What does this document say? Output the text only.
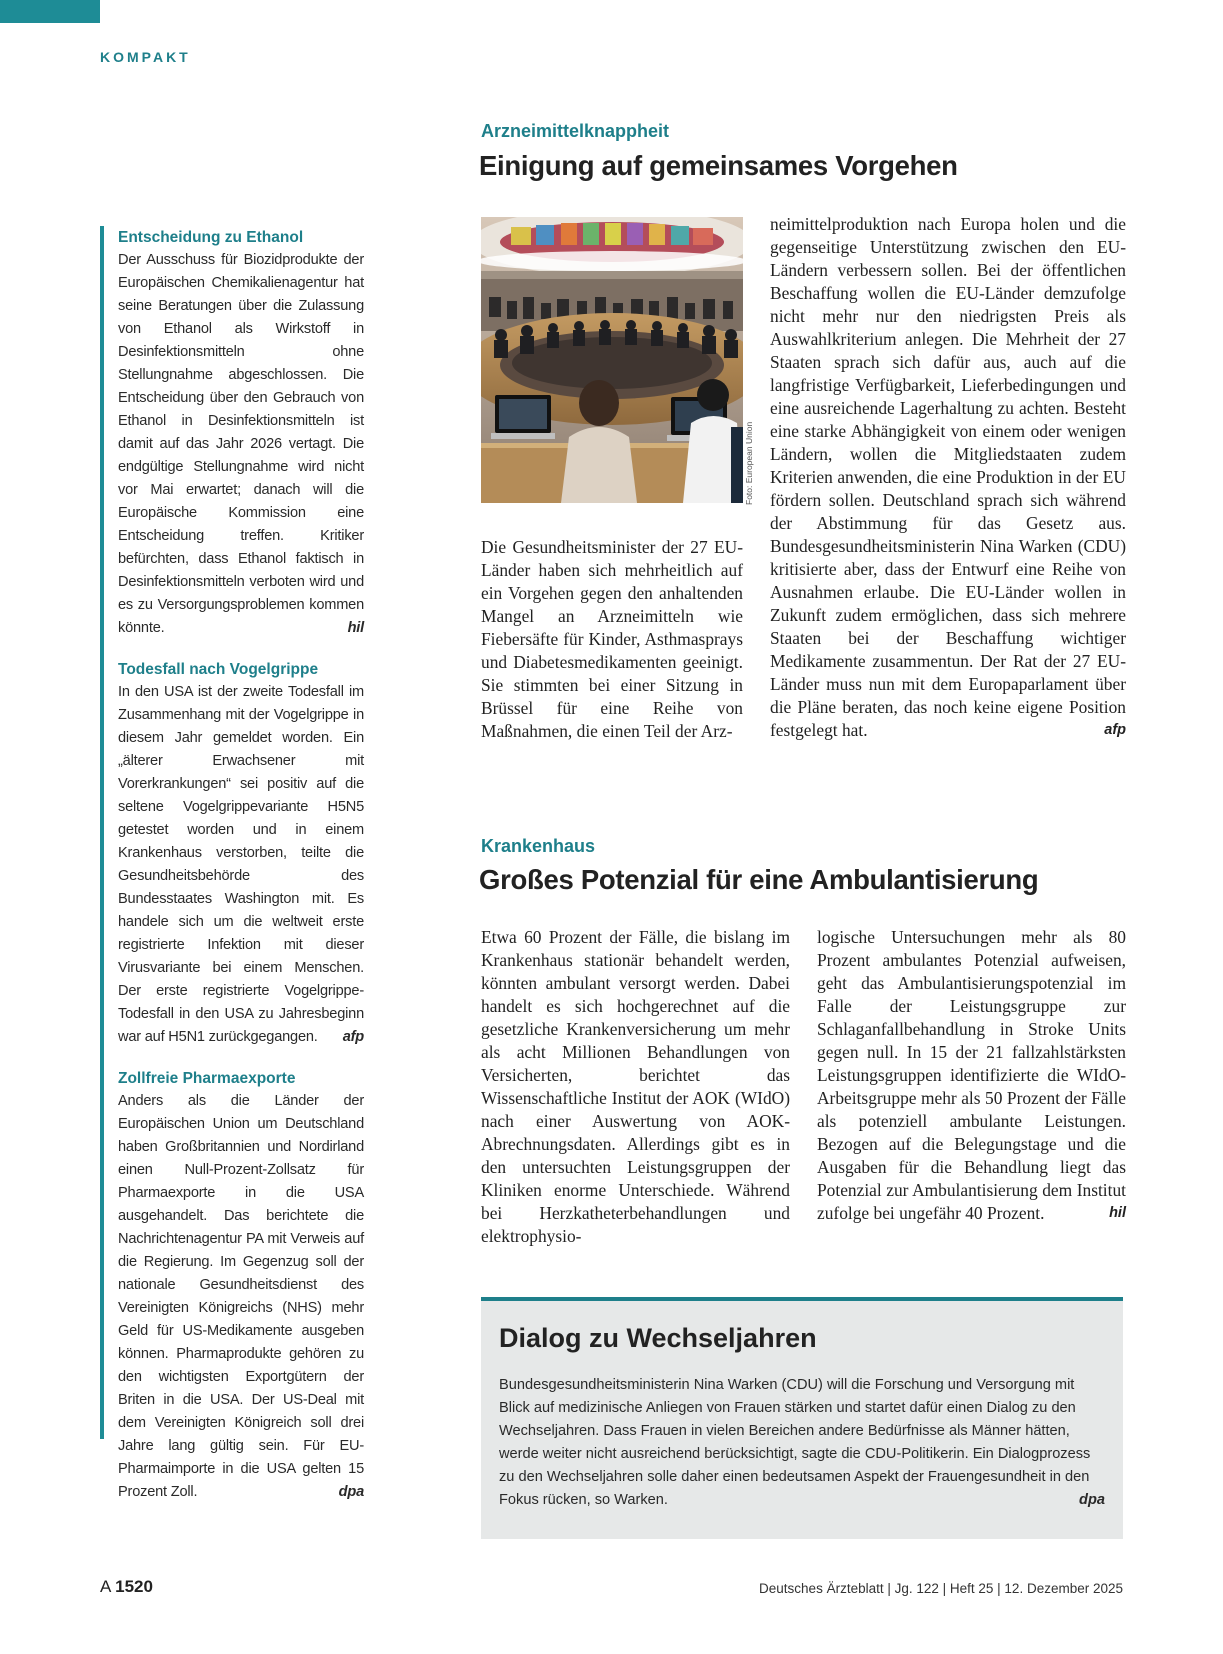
KOMPAKT
Entscheidung zu Ethanol

Der Ausschuss für Biozidprodukte der Europäischen Chemikalienagentur hat seine Beratungen über die Zulassung von Ethanol als Wirkstoff in Desinfektionsmitteln ohne Stellungnahme abgeschlossen. Die Entscheidung über den Gebrauch von Ethanol in Desinfektionsmitteln ist damit auf das Jahr 2026 vertagt. Die endgültige Stellungnahme wird nicht vor Mai erwartet; danach will die Europäische Kommission eine Entscheidung treffen. Kritiker befürchten, dass Ethanol faktisch in Desinfektionsmitteln verboten wird und es zu Versorgungsproblemen kommen könnte.	hil

Todesfall nach Vogelgrippe

In den USA ist der zweite Todesfall im Zusammenhang mit der Vogelgrippe in diesem Jahr gemeldet worden. Ein „älterer Erwachsener mit Vorerkrankungen“ sei positiv auf die seltene Vogelgrippevariante H5N5 getestet worden und in einem Krankenhaus verstorben, teilte die Gesundheitsbehörde des Bundesstaates Washington mit. Es handele sich um die weltweit erste registrierte Infektion mit dieser Virusvariante bei einem Menschen. Der erste registrierte Vogelgrippe-Todesfall in den USA zu Jahresbeginn war auf H5N1 zurückgegangen. afp

Zollfreie Pharmaexporte

Anders als die Länder der Europäischen Union um Deutschland haben Großbritannien und Nordirland einen Null-Prozent-Zollsatz für Pharmaexporte in die USA ausgehandelt. Das berichtete die Nachrichtenagentur PA mit Verweis auf die Regierung. Im Gegenzug soll der nationale Gesundheitsdienst des Vereinigten Königreichs (NHS) mehr Geld für US-Medikamente ausgeben können. Pharmaprodukte gehören zu den wichtigsten Exportgütern der Briten in die USA. Der US-Deal mit dem Vereinigten Königreich soll drei Jahre lang gültig sein. Für EU-Pharmaimporte in die USA gelten 15 Prozent Zoll.	dpa

Arzneimittelknappheit
Einigung auf gemeinsames Vorgehen
Foto: European Union

Die Gesundheitsminister der 27 EU-Länder haben sich mehrheitlich auf ein Vorgehen gegen den anhaltenden Mangel an Arzneimitteln wie Fiebersäfte für Kinder, Asthmasprays und Diabetesmedikamenten geeinigt. Sie stimmten bei einer Sitzung in Brüssel für eine Reihe von Maßnahmen, die einen Teil der Arz-

neimittelproduktion nach Europa holen und die gegenseitige Unterstützung zwischen den EU-Ländern verbessern sollen. Bei der öffentlichen Beschaffung wollen die EU-Länder demzufolge nicht mehr nur den niedrigsten Preis als Auswahlkriterium anlegen. Die Mehrheit der 27 Staaten sprach sich dafür aus, auch auf die langfristige Verfügbarkeit, Lieferbedingungen und eine ausreichende Lagerhaltung zu achten. Besteht eine starke Abhängigkeit von einem oder wenigen Ländern, wollen die Mitgliedstaaten zudem Kriterien anwenden, die eine Produktion in der EU fördern sollen. Deutschland sprach sich während der Abstimmung für das Gesetz aus. Bundesgesundheitsministerin Nina Warken (CDU) kritisierte aber, dass der Entwurf eine Reihe von Ausnahmen erlaube. Die EU-Länder wollen in Zukunft zudem ermöglichen, dass sich mehrere Staaten bei der Beschaffung wichtiger Medikamente zusammentun. Der Rat der 27 EU-Länder muss nun mit dem Europaparlament über die Pläne beraten, das noch keine eigene Position festgelegt hat.	afp

Krankenhaus
Großes Potenzial für eine Ambulantisierung

Etwa 60 Prozent der Fälle, die bislang im Krankenhaus stationär behandelt werden, könnten ambulant versorgt werden. Dabei handelt es sich hochgerechnet auf die gesetzliche Krankenversicherung um mehr als acht Millionen Behandlungen von Versicherten, berichtet das Wissenschaftliche Institut der AOK (WIdO) nach einer Auswertung von AOK-Abrechnungsdaten. Allerdings gibt es in den untersuchten Leistungsgruppen der Kliniken enorme Unterschiede. Während bei Herzkatheterbehandlungen und elektrophysio-

logische Untersuchungen mehr als 80 Prozent ambulantes Potenzial aufweisen, geht das Ambulantisierungspotenzial im Falle der Leistungsgruppe zur Schlaganfallbehandlung in Stroke Units gegen null. In 15 der 21 fallzahlstärksten Leistungsgruppen identifizierte die WIdO-Arbeitsgruppe mehr als 50 Prozent der Fälle als potenziell ambulante Leistungen. Bezogen auf die Belegungstage und die Ausgaben für die Behandlung liegt das Potenzial zur Ambulantisierung dem Institut zufolge bei ungefähr 40 Prozent.	hil

Dialog zu Wechseljahren

Bundesgesundheitsministerin Nina Warken (CDU) will die Forschung und Versorgung mit Blick auf medizinische Anliegen von Frauen stärken und startet dafür einen Dialog zu den Wechseljahren. Dass Frauen in vielen Bereichen andere Bedürfnisse als Männer hätten, werde weiter nicht ausreichend berücksichtigt, sagte die CDU-Politikerin. Ein Dialogprozess zu den Wechseljahren solle daher einen bedeutsamen Aspekt der Frauengesundheit in den Fokus rücken, so Warken.	dpa

A 1520	Deutsches Ärzteblatt | Jg. 122 | Heft 25 | 12. Dezember 2025
